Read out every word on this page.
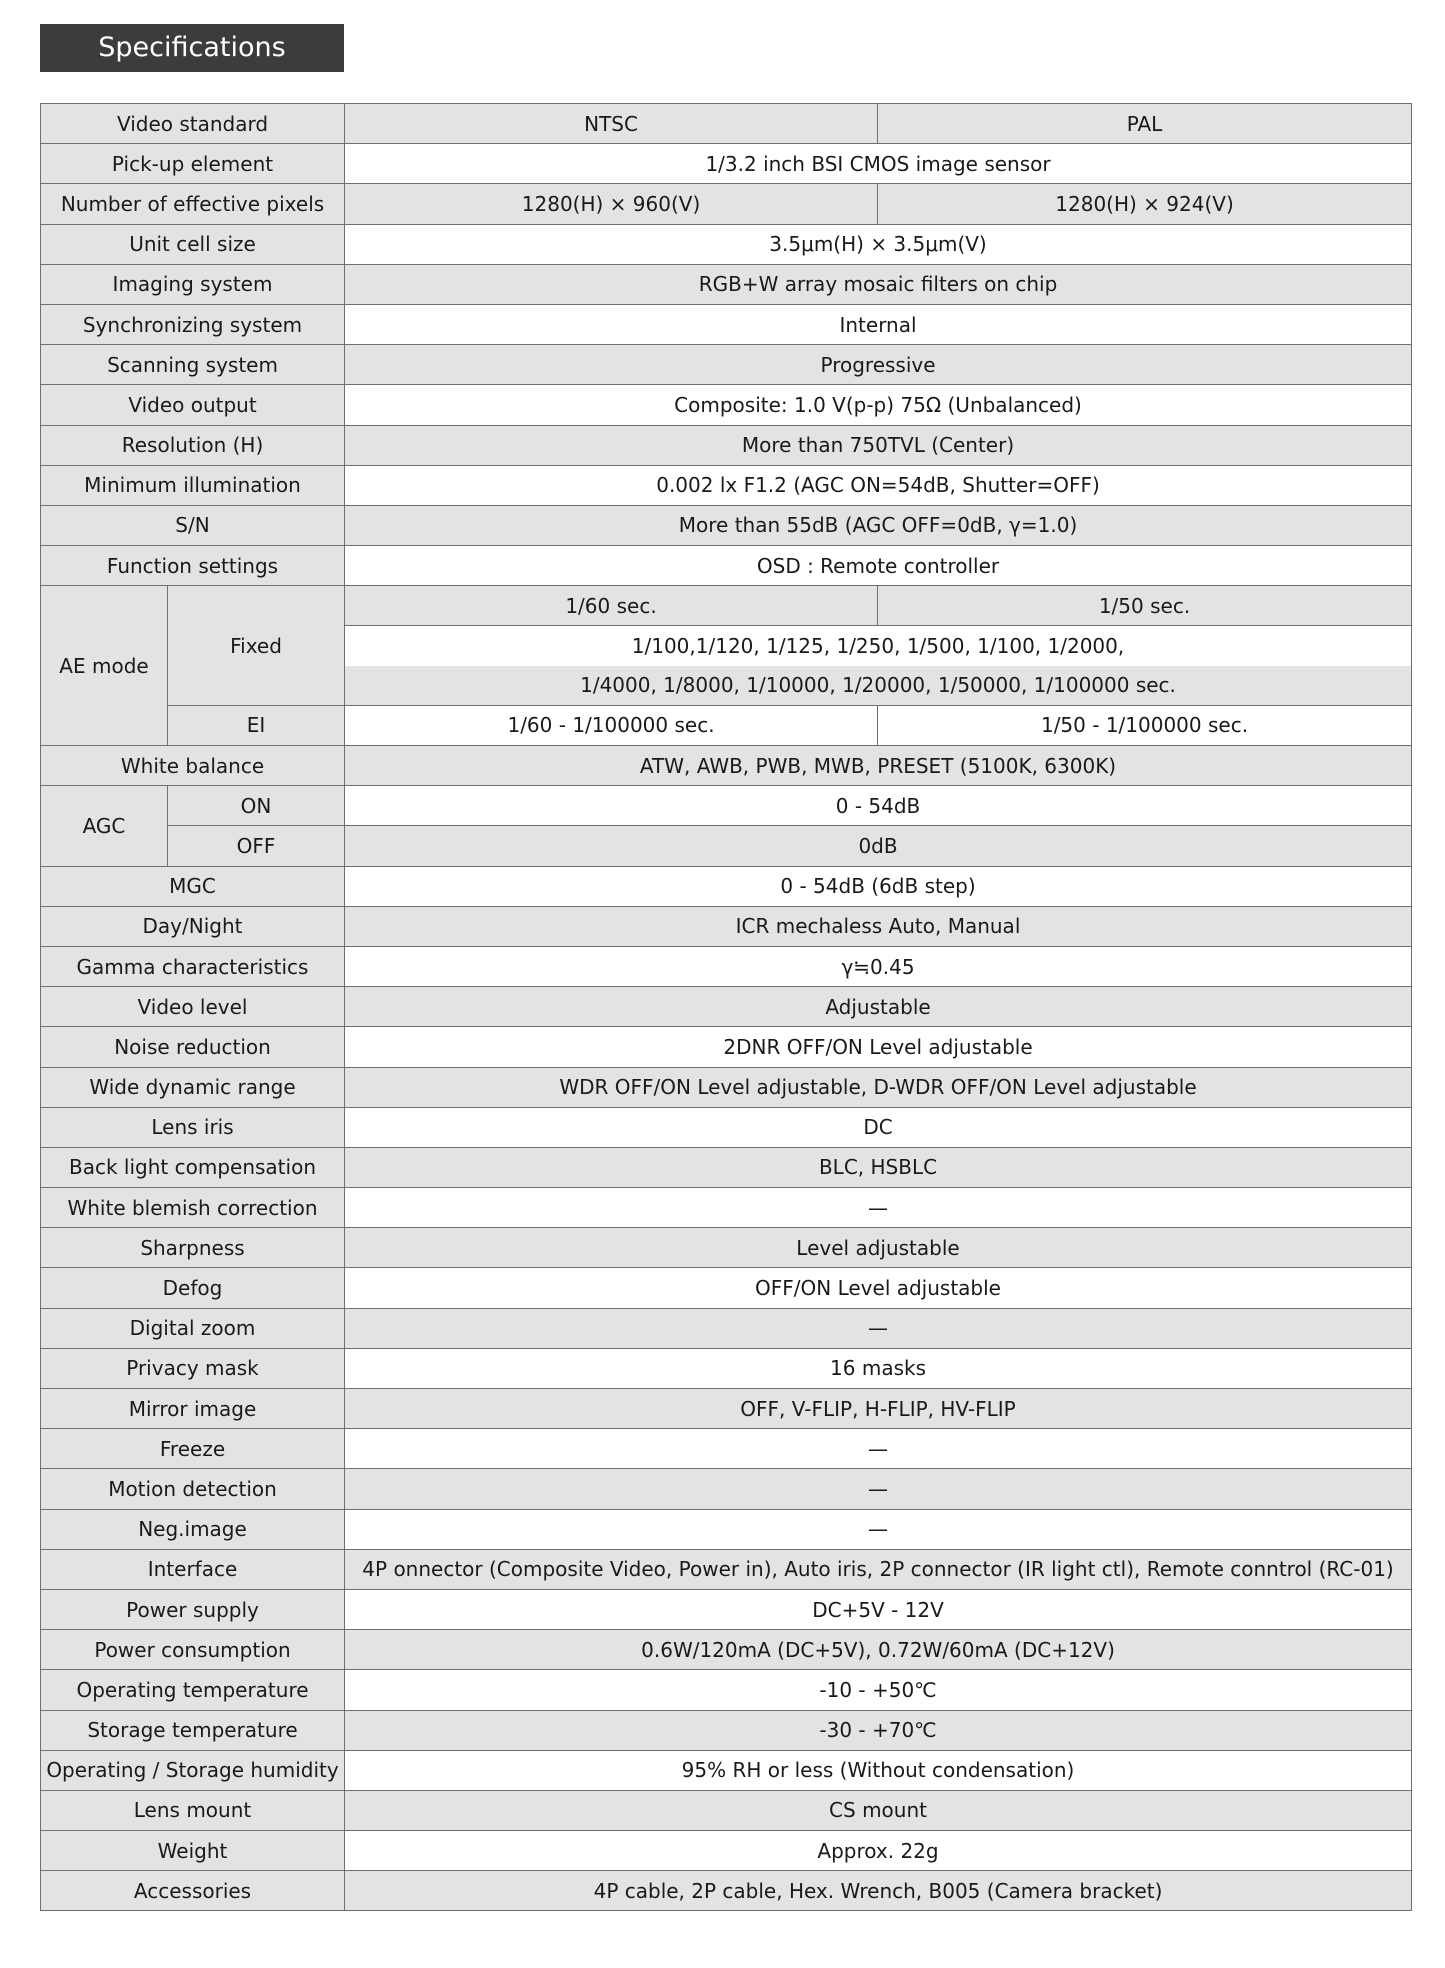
Specifications
Video standard		NTSC	PAL
Pick-up element		1/3.2 inch BSI CMOS image sensor	
Number of effective pixels		1280(H) × 960(V)	1280(H) × 924(V)
Unit cell size		3.5μm(H) × 3.5μm(V)	
Imaging system		RGB+W array mosaic filters on chip	
Synchronizing system		Internal	
Scanning system		Progressive	
Video output		Composite: 1.0 V(p-p) 75Ω (Unbalanced)	
Resolution (H)		More than 750TVL (Center)	
Minimum illumination		0.002 lx F1.2 (AGC ON=54dB, Shutter=OFF)	
S/N		More than 55dB (AGC OFF=0dB, γ=1.0)	
Function settings		OSD : Remote controller	
AE mode	Fixed	1/60 sec.	1/50 sec.
		1/100,1/120, 1/125, 1/250, 1/500, 1/100, 1/2000,	
		1/4000, 1/8000, 1/10000, 1/20000, 1/50000, 1/100000 sec.	
	EI	1/60 - 1/100000 sec.	1/50 - 1/100000 sec.
White balance		ATW, AWB, PWB, MWB, PRESET (5100K, 6300K)	
AGC	ON	0 - 54dB	
	OFF	0dB	
MGC		0 - 54dB (6dB step)	
Day/Night		ICR mechaless Auto, Manual	
Gamma characteristics		γ≒0.45	
Video level		Adjustable	
Noise reduction		2DNR OFF/ON Level adjustable	
Wide dynamic range		WDR OFF/ON Level adjustable, D-WDR OFF/ON Level adjustable	
Lens iris		DC	
Back light compensation		BLC, HSBLC	
White blemish correction		—	
Sharpness		Level adjustable	
Defog		OFF/ON Level adjustable	
Digital zoom		—	
Privacy mask		16 masks	
Mirror image		OFF, V-FLIP, H-FLIP, HV-FLIP	
Freeze		—	
Motion detection		—	
Neg.image		—	
Interface		4P onnector (Composite Video, Power in), Auto iris, 2P connector (IR light ctl), Remote conntrol (RC-01)	
Power supply		DC+5V - 12V	
Power consumption		0.6W/120mA (DC+5V), 0.72W/60mA (DC+12V)	
Operating temperature		-10 - +50℃	
Storage temperature		-30 - +70℃	
Operating / Storage humidity		95% RH or less (Without condensation)	
Lens mount		CS mount	
Weight		Approx. 22g	
Accessories		4P cable, 2P cable, Hex. Wrench, B005 (Camera bracket)	
